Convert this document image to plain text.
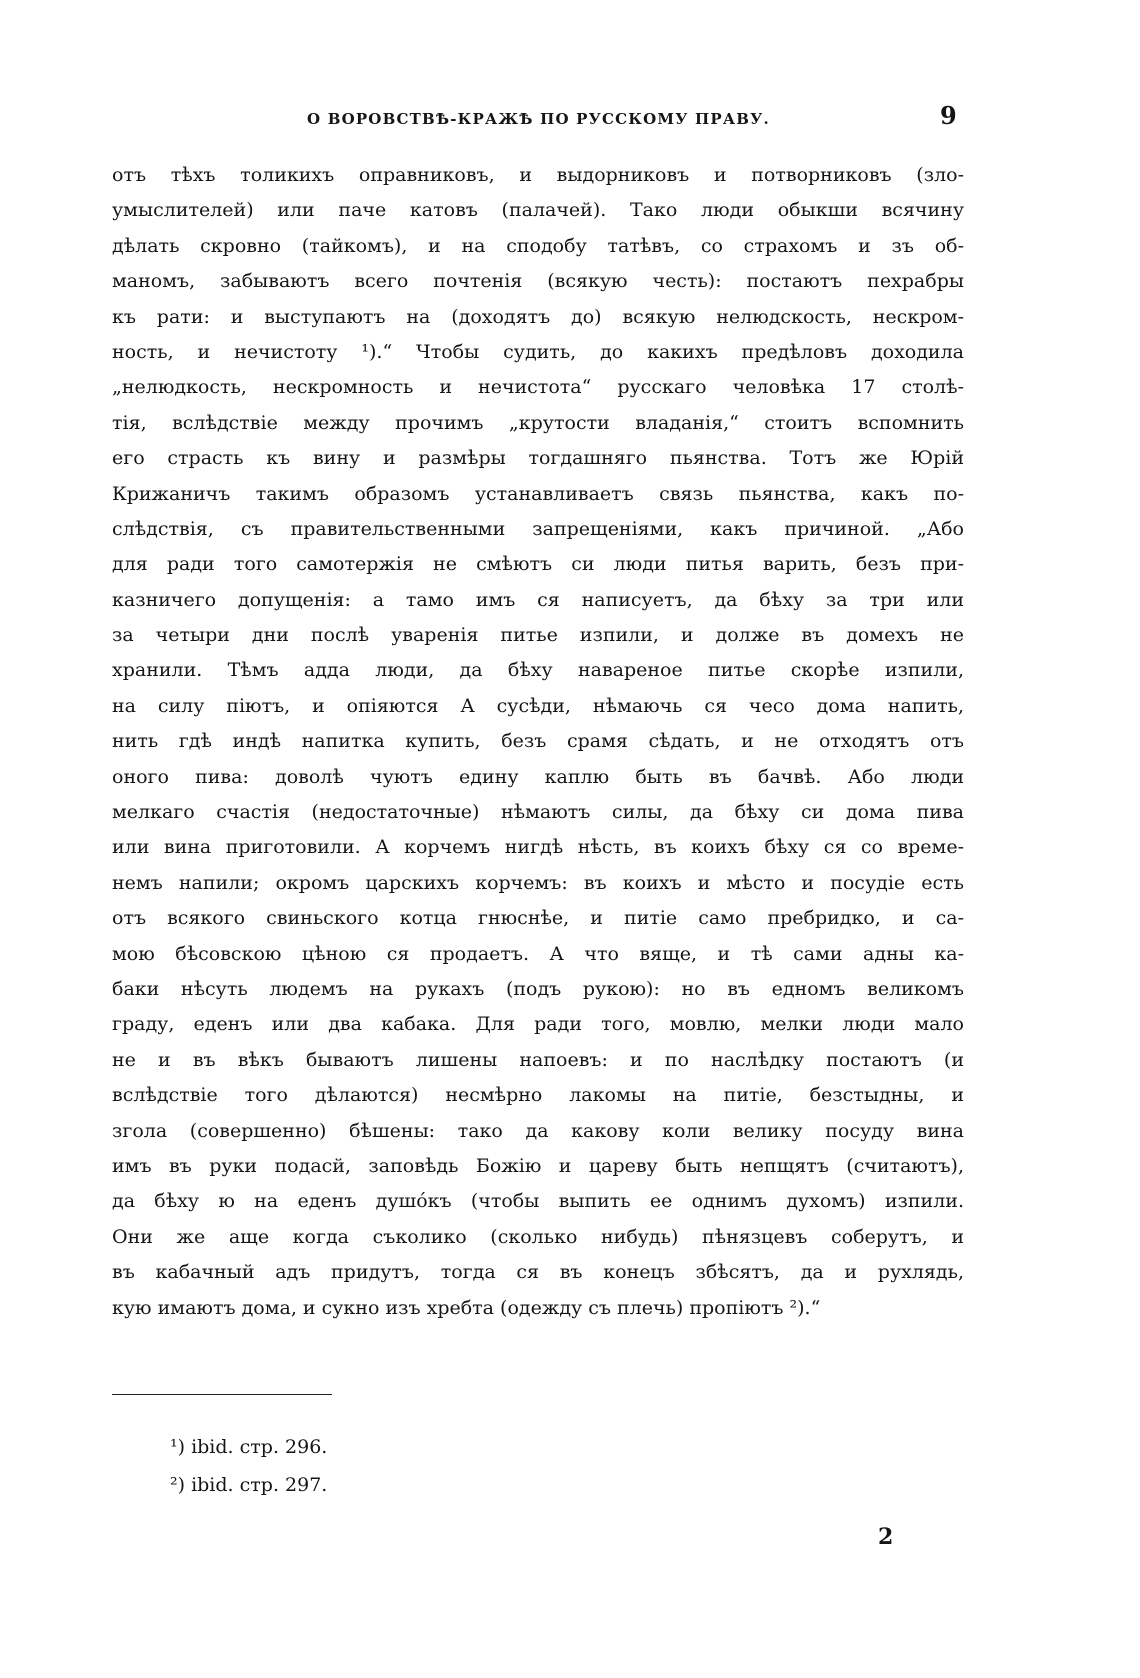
О ВОРОВСТВѢ-КРАЖѢ ПО РУССКОМУ ПРАВУ.	9
отъ тѣхъ толикихъ оправниковъ, и выдорниковъ и потворниковъ (зло-
умыслителей) или паче катовъ (палачей). Тако люди обыкши всячину
дѣлать скровно (тайкомъ), и на сподобу татѣвъ, со страхомъ и зъ об-
маномъ, забываютъ всего почтенія (всякую честь): постаютъ пехрабры
къ рати: и выступаютъ на (доходятъ до) всякую нелюдскость, нескром-
ность, и нечистоту ¹).“ Чтобы судить, до какихъ предѣловъ доходила
„нелюдкость, нескромность и нечистота“ русскаго человѣка 17 столѣ-
тія, вслѣдствіе между прочимъ „крутости владанія,“ стоитъ вспомнить
его страсть къ вину и размѣры тогдашняго пьянства. Тотъ же Юрій
Крижаничъ такимъ образомъ устанавливаетъ связь пьянства, какъ по-
слѣдствія, съ правительственными запрещеніями, какъ причиной. „Або
для ради того самотержія не смѣютъ си люди питья варить, безъ при-
казничего допущенія: а тамо имъ ся написуетъ, да бѣху за три или
за четыри дни послѣ уваренія питье изпили, и долже въ домехъ не
хранили. Тѣмъ адда люди, да бѣху навареное питье скорѣе изпили,
на силу піютъ, и опіяются А сусѣди, нѣмаючь ся чесо дома напить,
нить гдѣ индѣ напитка купить, безъ срамя сѣдать, и не отходятъ отъ
оного пива: доволѣ чуютъ едину каплю быть въ бачвѣ. Або люди
мелкаго счастія (недостаточные) нѣмаютъ силы, да бѣху си дома пива
или вина приготовили. А корчемъ нигдѣ нѣсть, въ коихъ бѣху ся со време-
немъ напили; окромъ царскихъ корчемъ: въ коихъ и мѣсто и посудіе есть
отъ всякого свиньского котца гнюснѣе, и питіе само пребридко, и са-
мою бѣсовскою цѣною ся продаетъ. А что вяще, и тѣ сами адны ка-
баки нѣсуть людемъ на рукахъ (подъ рукою): но въ едномъ великомъ
граду, еденъ или два кабака. Для ради того, мовлю, мелки люди мало
не и въ вѣкъ бываютъ лишены напоевъ: и по наслѣдку постаютъ (и
вслѣдствіе того дѣлаются) несмѣрно лакомы на питіе, безстыдны, и
згола (совершенно) бѣшены: тако да какову коли велику посуду вина
имъ въ руки подасй, заповѣдь Божію и цареву быть непщятъ (считаютъ),
да бѣху ю на еденъ душо́къ (чтобы выпить ее однимъ духомъ) изпили.
Они же аще когда съколико (сколько нибудь) пѣнязцевъ соберутъ, и
въ кабачный адъ придутъ, тогда ся въ конецъ збѣсятъ, да и рухлядь,
кую имаютъ дома, и сукно изъ хребта (одежду съ плечь) пропіютъ ²).“
¹) ibid. стр. 296.
²) ibid. стр. 297.
2
